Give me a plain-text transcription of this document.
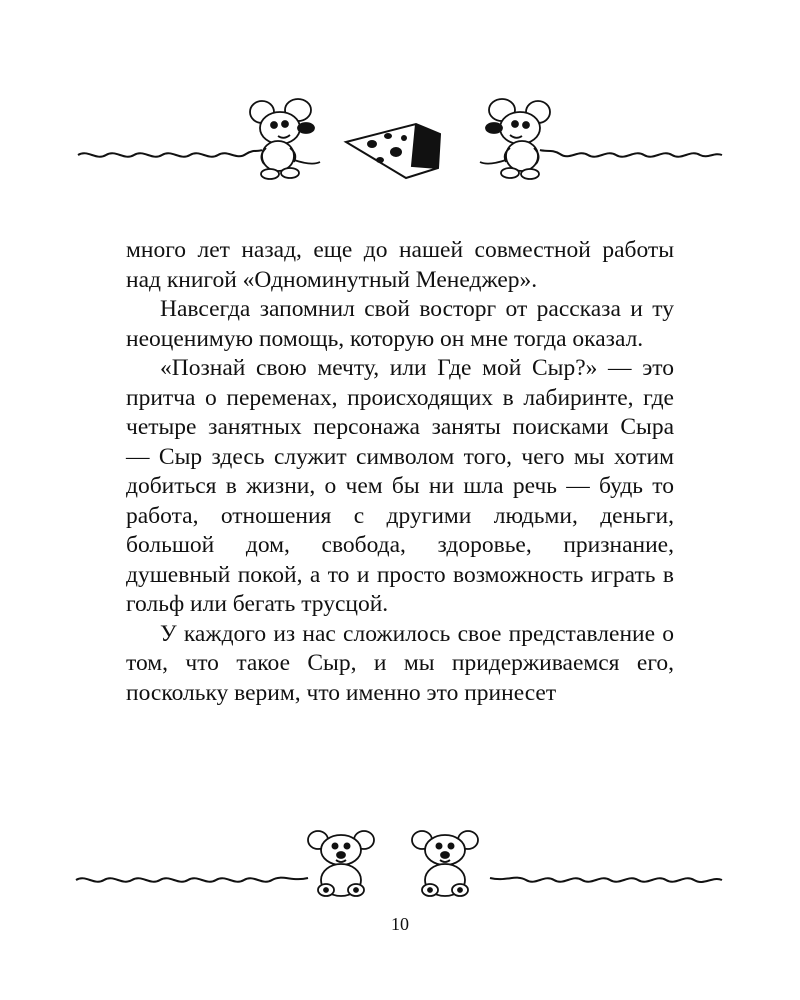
много лет назад, еще до нашей совместной работы над книгой «Одноминутный Менеджер».

Навсегда запомнил свой восторг от рассказа и ту неоценимую помощь, которую он мне тогда оказал.

«Познай свою мечту, или Где мой Сыр?» — это притча о переменах, происходящих в лабиринте, где четыре занятных персонажа заняты поисками Сыра — Сыр здесь служит символом того, чего мы хотим добиться в жизни, о чем бы ни шла речь — будь то работа, отношения с другими людьми, деньги, большой дом, свобода, здоровье, признание, душевный покой, а то и просто возможность играть в гольф или бегать трусцой.

У каждого из нас сложилось свое представление о том, что такое Сыр, и мы придерживаемся его, поскольку верим, что именно это принесет

10
